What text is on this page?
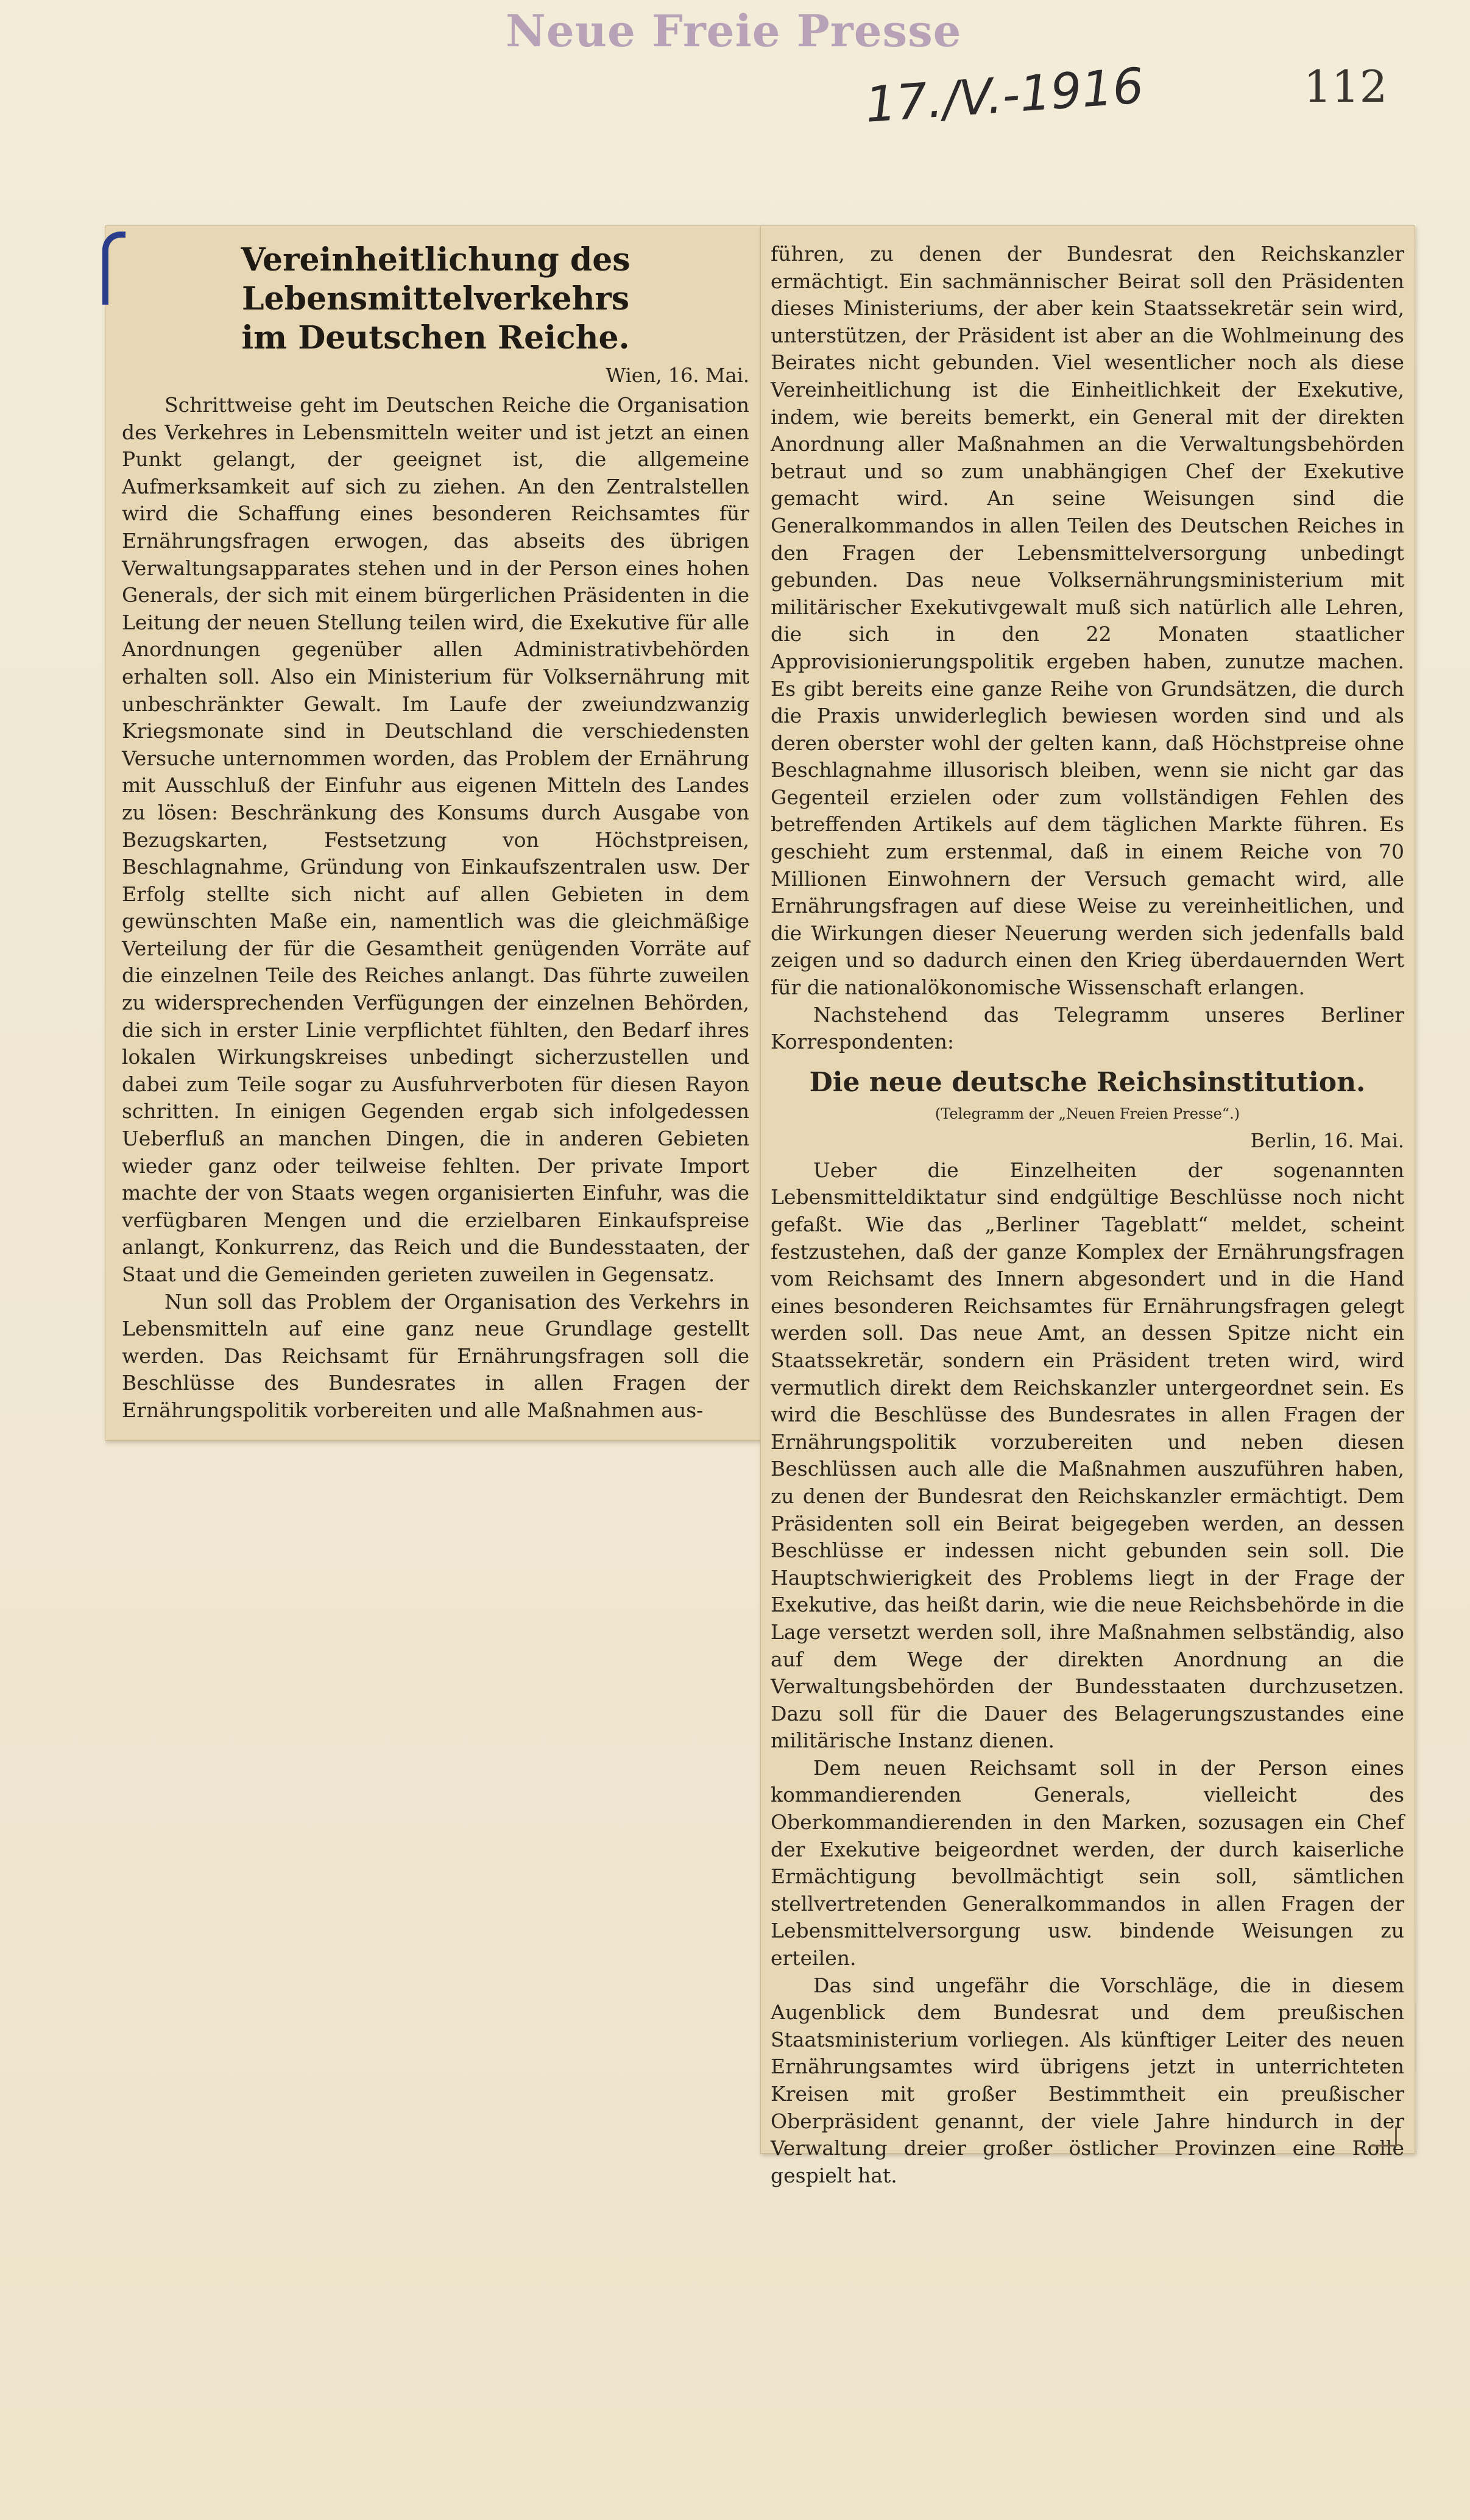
Neue Freie Presse
17./V.-1916	112
Vereinheitlichung des Lebensmittelverkehrs
im Deutschen Reiche.
Wien, 16. Mai.

Schrittweise geht im Deutschen Reiche die Organisation des Verkehres in Lebensmitteln weiter und ist jetzt an einen Punkt gelangt, der geeignet ist, die allgemeine Aufmerksamkeit auf sich zu ziehen. An den Zentralstellen wird die Schaffung eines besonderen Reichsamtes für Ernährungsfragen erwogen, das abseits des übrigen Verwaltungsapparates stehen und in der Person eines hohen Generals, der sich mit einem bürgerlichen Präsidenten in die Leitung der neuen Stellung teilen wird, die Exekutive für alle Anordnungen gegenüber allen Administrativbehörden erhalten soll. Also ein Ministerium für Volksernährung mit unbeschränkter Gewalt. Im Laufe der zweiundzwanzig Kriegsmonate sind in Deutschland die verschiedensten Versuche unternommen worden, das Problem der Ernährung mit Ausschluß der Einfuhr aus eigenen Mitteln des Landes zu lösen: Beschränkung des Konsums durch Ausgabe von Bezugskarten, Festsetzung von Höchstpreisen, Beschlagnahme, Gründung von Einkaufszentralen usw. Der Erfolg stellte sich nicht auf allen Gebieten in dem gewünschten Maße ein, namentlich was die gleichmäßige Verteilung der für die Gesamtheit genügenden Vorräte auf die einzelnen Teile des Reiches anlangt. Das führte zuweilen zu widersprechenden Verfügungen der einzelnen Behörden, die sich in erster Linie verpflichtet fühlten, den Bedarf ihres lokalen Wirkungskreises unbedingt sicherzustellen und dabei zum Teile sogar zu Ausfuhrverboten für diesen Rayon schritten. In einigen Gegenden ergab sich infolgedessen Ueberfluß an manchen Dingen, die in anderen Gebieten wieder ganz oder teilweise fehlten. Der private Import machte der von Staats wegen organisierten Einfuhr, was die verfügbaren Mengen und die erzielbaren Einkaufspreise anlangt, Konkurrenz, das Reich und die Bundesstaaten, der Staat und die Gemeinden gerieten zuweilen in Gegensatz.

Nun soll das Problem der Organisation des Verkehrs in Lebensmitteln auf eine ganz neue Grundlage gestellt werden. Das Reichsamt für Ernährungsfragen soll die Beschlüsse des Bundesrates in allen Fragen der Ernährungspolitik vorbereiten und alle Maßnahmen aus-

führen, zu denen der Bundesrat den Reichskanzler ermächtigt. Ein sachmännischer Beirat soll den Präsidenten dieses Ministeriums, der aber kein Staatssekretär sein wird, unterstützen, der Präsident ist aber an die Wohlmeinung des Beirates nicht gebunden. Viel wesentlicher noch als diese Vereinheitlichung ist die Einheitlichkeit der Exekutive, indem, wie bereits bemerkt, ein General mit der direkten Anordnung aller Maßnahmen an die Verwaltungsbehörden betraut und so zum unabhängigen Chef der Exekutive gemacht wird. An seine Weisungen sind die Generalkommandos in allen Teilen des Deutschen Reiches in den Fragen der Lebensmittelversorgung unbedingt gebunden. Das neue Volksernährungsministerium mit militärischer Exekutivgewalt muß sich natürlich alle Lehren, die sich in den 22 Monaten staatlicher Approvisionierungspolitik ergeben haben, zunutze machen. Es gibt bereits eine ganze Reihe von Grundsätzen, die durch die Praxis unwiderleglich bewiesen worden sind und als deren oberster wohl der gelten kann, daß Höchstpreise ohne Beschlagnahme illusorisch bleiben, wenn sie nicht gar das Gegenteil erzielen oder zum vollständigen Fehlen des betreffenden Artikels auf dem täglichen Markte führen. Es geschieht zum erstenmal, daß in einem Reiche von 70 Millionen Einwohnern der Versuch gemacht wird, alle Ernährungsfragen auf diese Weise zu vereinheitlichen, und die Wirkungen dieser Neuerung werden sich jedenfalls bald zeigen und so dadurch einen den Krieg überdauernden Wert für die nationalökonomische Wissenschaft erlangen.

Nachstehend das Telegramm unseres Berliner Korrespondenten:

Die neue deutsche Reichsinstitution.
(Telegramm der „Neuen Freien Presse“.)
Berlin, 16. Mai.

Ueber die Einzelheiten der sogenannten Lebensmitteldiktatur sind endgültige Beschlüsse noch nicht gefaßt. Wie das „Berliner Tageblatt“ meldet, scheint festzustehen, daß der ganze Komplex der Ernährungsfragen vom Reichsamt des Innern abgesondert und in die Hand eines besonderen Reichsamtes für Ernährungsfragen gelegt werden soll. Das neue Amt, an dessen Spitze nicht ein Staatssekretär, sondern ein Präsident treten wird, wird vermutlich direkt dem Reichskanzler untergeordnet sein. Es wird die Beschlüsse des Bundesrates in allen Fragen der Ernährungspolitik vorzubereiten und neben diesen Beschlüssen auch alle die Maßnahmen auszuführen haben, zu denen der Bundesrat den Reichskanzler ermächtigt. Dem Präsidenten soll ein Beirat beigegeben werden, an dessen Beschlüsse er indessen nicht gebunden sein soll. Die Hauptschwierigkeit des Problems liegt in der Frage der Exekutive, das heißt darin, wie die neue Reichsbehörde in die Lage versetzt werden soll, ihre Maßnahmen selbständig, also auf dem Wege der direkten Anordnung an die Verwaltungsbehörden der Bundesstaaten durchzusetzen. Dazu soll für die Dauer des Belagerungszustandes eine militärische Instanz dienen.

Dem neuen Reichsamt soll in der Person eines kommandierenden Generals, vielleicht des Oberkommandierenden in den Marken, sozusagen ein Chef der Exekutive beigeordnet werden, der durch kaiserliche Ermächtigung bevollmächtigt sein soll, sämtlichen stellvertretenden Generalkommandos in allen Fragen der Lebensmittelversorgung usw. bindende Weisungen zu erteilen.

Das sind ungefähr die Vorschläge, die in diesem Augenblick dem Bundesrat und dem preußischen Staatsministerium vorliegen. Als künftiger Leiter des neuen Ernährungsamtes wird übrigens jetzt in unterrichteten Kreisen mit großer Bestimmtheit ein preußischer Oberpräsident genannt, der viele Jahre hindurch in der Verwaltung dreier großer östlicher Provinzen eine Rolle gespielt hat.
